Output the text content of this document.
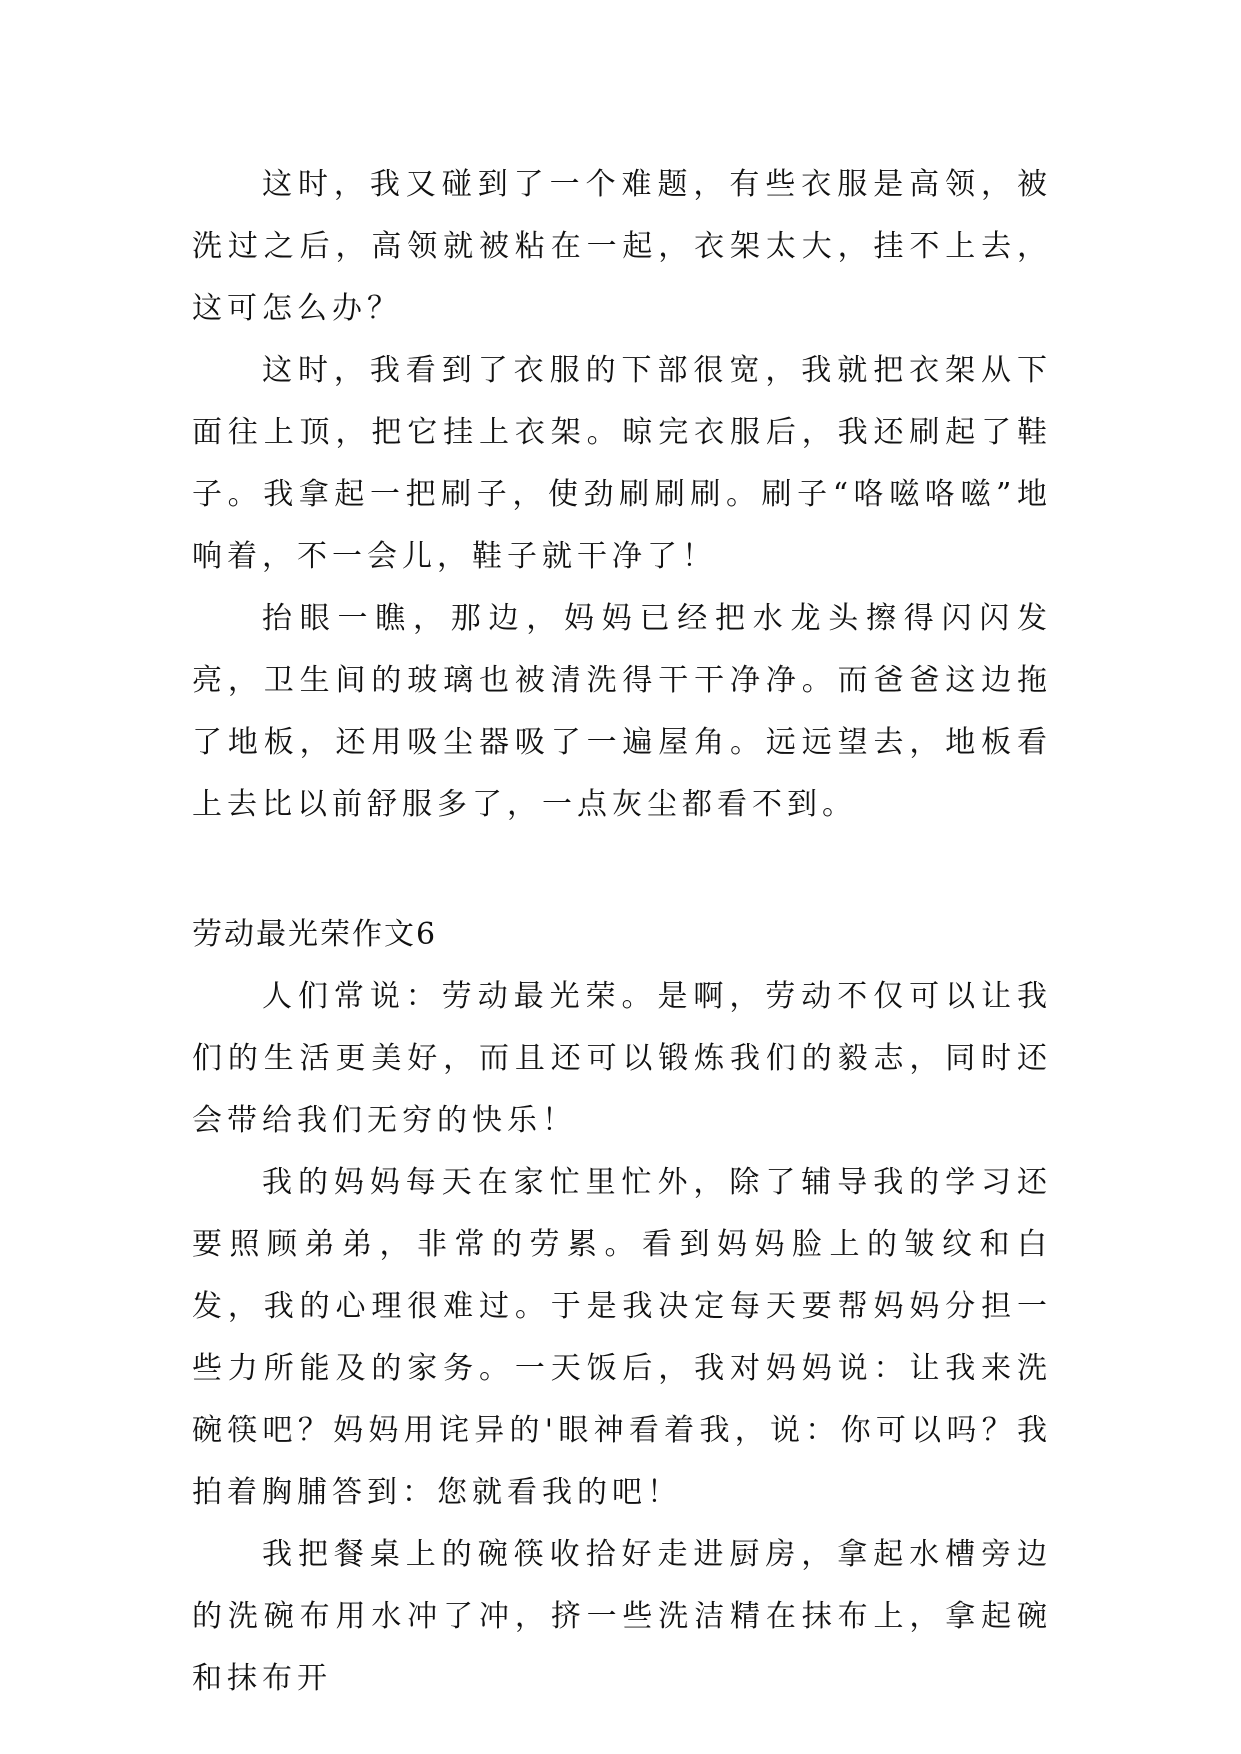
这时，我又碰到了一个难题，有些衣服是高领，被洗过之后，高领就被粘在一起，衣架太大，挂不上去，这可怎么办？

这时，我看到了衣服的下部很宽，我就把衣架从下面往上顶，把它挂上衣架。晾完衣服后，我还刷起了鞋子。我拿起一把刷子，使劲刷刷刷。刷子“咯嗞咯嗞”地响着，不一会儿，鞋子就干净了！

抬眼一瞧，那边，妈妈已经把水龙头擦得闪闪发亮，卫生间的玻璃也被清洗得干干净净。而爸爸这边拖了地板，还用吸尘器吸了一遍屋角。远远望去，地板看上去比以前舒服多了，一点灰尘都看不到。

劳动最光荣作文6

人们常说：劳动最光荣。是啊，劳动不仅可以让我们的生活更美好，而且还可以锻炼我们的毅志，同时还会带给我们无穷的快乐！

我的妈妈每天在家忙里忙外，除了辅导我的学习还要照顾弟弟，非常的劳累。看到妈妈脸上的皱纹和白发，我的心理很难过。于是我决定每天要帮妈妈分担一些力所能及的家务。一天饭后，我对妈妈说：让我来洗碗筷吧？妈妈用诧异的'眼神看着我，说：你可以吗？我拍着胸脯答到：您就看我的吧！

我把餐桌上的碗筷收拾好走进厨房，拿起水槽旁边的洗碗布用水冲了冲，挤一些洗洁精在抹布上，拿起碗和抹布开
